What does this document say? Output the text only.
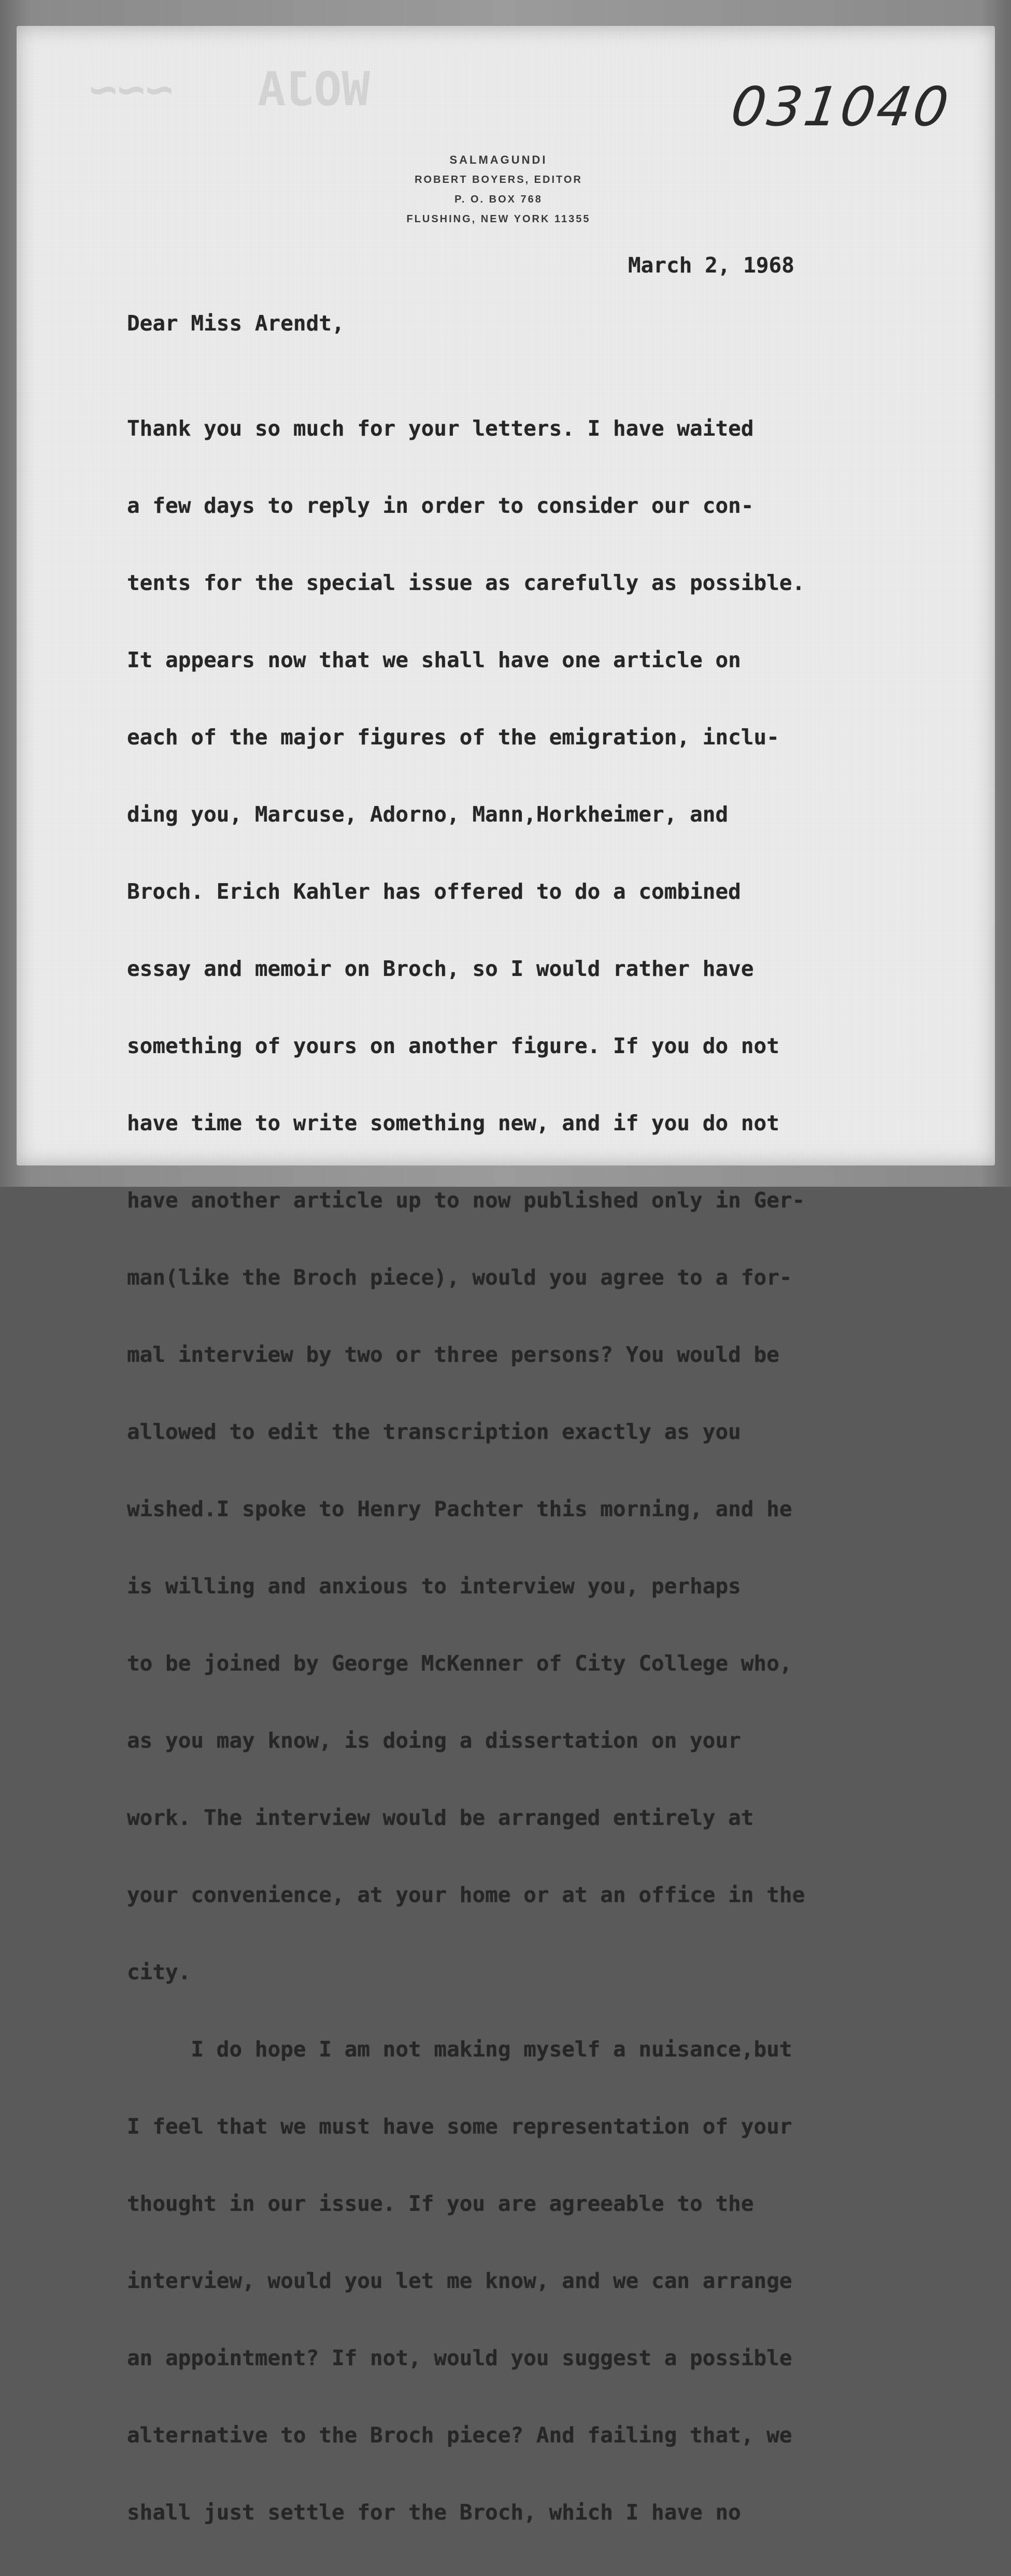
WOJA   ~~~	031040
SALMAGUNDI
ROBERT BOYERS, EDITOR
P. O. BOX 768
FLUSHING, NEW YORK 11355
March 2, 1968
Dear Miss Arendt,

Thank you so much for your letters. I have waited

a few days to reply in order to consider our con-

tents for the special issue as carefully as possible.

It appears now that we shall have one article on

each of the major figures of the emigration, inclu-

ding you, Marcuse, Adorno, Mann,Horkheimer, and

Broch. Erich Kahler has offered to do a combined

essay and memoir on Broch, so I would rather have

something of yours on another figure. If you do not

have time to write something new, and if you do not

have another article up to now published only in Ger-

man(like the Broch piece), would you agree to a for-

mal interview by two or three persons? You would be

allowed to edit the transcription exactly as you

wished.I spoke to Henry Pachter this morning, and he

is willing and anxious to interview you, perhaps

to be joined by George McKenner of City College who,

as you may know, is doing a dissertation on your

work. The interview would be arranged entirely at

your convenience, at your home or at an office in the

city.

I do hope I am not making myself a nuisance,but

I feel that we must have some representation of your

thought in our issue. If you are agreeable to the

interview, would you let me know, and we can arrange

an appointment? If not, would you suggest a possible

alternative to the Broch piece? And failing that, we

shall just settle for the Broch, which I have no
